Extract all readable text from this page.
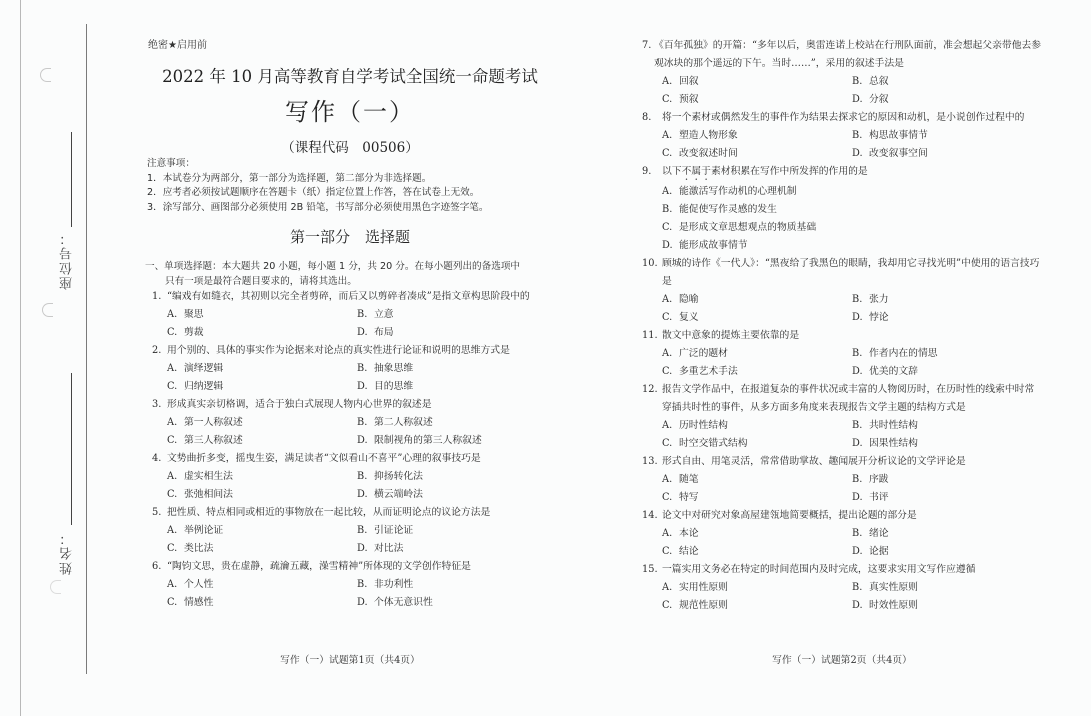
座位号：
姓名：
绝密★启用前
2022 年 10 月高等教育自学考试全国统一命题考试
写作（一）
（课程代码　00506）
注意事项：
1．本试卷分为两部分，第一部分为选择题，第二部分为非选择题。
2．应考者必须按试题顺序在答题卡（纸）指定位置上作答，答在试卷上无效。
3．涂写部分、画图部分必须使用 2B 铅笔，书写部分必须使用黑色字迹签字笔。
第一部分　选择题
一、单项选择题：本大题共 20 小题，每小题 1 分，共 20 分。在每小题列出的备选项中
只有一项是最符合题目要求的，请将其选出。
1. “编戏有如缝衣，其初则以完全者剪碎，而后又以剪碎者凑成”是指文章构思阶段中的
A. 聚思	B. 立意
C. 剪裁	D. 布局
2. 用个别的、具体的事实作为论据来对论点的真实性进行论证和说明的思维方式是
A. 演绎逻辑	B. 抽象思维
C. 归纳逻辑	D. 目的思维
3. 形成真实亲切格调，适合于独白式展现人物内心世界的叙述是
A. 第一人称叙述	B. 第二人称叙述
C. 第三人称叙述	D. 限制视角的第三人称叙述
4. 文势曲折多变，摇曳生姿，满足读者“文似看山不喜平”心理的叙事技巧是
A. 虚实相生法	B. 抑扬转化法
C. 张弛相间法	D. 横云端岭法
5. 把性质、特点相同或相近的事物放在一起比较，从而证明论点的议论方法是
A. 举例论证	B. 引证论证
C. 类比法	D. 对比法
6. “陶钧文思，贵在虚静，疏瀹五藏，澡雪精神”所体现的文学创作特征是
A. 个人性	B. 非功利性
C. 情感性	D. 个体无意识性
写作（一）试题第1页（共4页）
7. 《百年孤独》的开篇：“多年以后，奥雷连诺上校站在行刑队面前，准会想起父亲带他去参观冰块的那个遥远的下午。当时……”，采用的叙述手法是
A. 回叙	B. 总叙
C. 预叙	D. 分叙
8.	将一个素材或偶然发生的事件作为结果去探求它的原因和动机，是小说创作过程中的
A. 塑造人物形象	B. 构思故事情节
C. 改变叙述时间	D. 改变叙事空间
9.	以下不属于素材积累在写作中所发挥的作用的是
A. 能激活写作动机的心理机制
B. 能促使写作灵感的发生
C. 是形成文章思想观点的物质基础
D. 能形成故事情节
10. 顾城的诗作《一代人》：“黑夜给了我黑色的眼睛，我却用它寻找光明”中使用的语言技巧是
A. 隐喻	B. 张力
C. 复义	D. 悖论
11. 散文中意象的提炼主要依靠的是
A. 广泛的题材	B. 作者内在的情思
C. 多重艺术手法	D. 优美的文辞
12. 报告文学作品中，在报道复杂的事件状况或丰富的人物阅历时，在历时性的线索中时常穿插共时性的事件，从多方面多角度来表现报告文学主题的结构方式是
A. 历时性结构	B. 共时性结构
C. 时空交错式结构	D. 因果性结构
13. 形式自由、用笔灵活，常常借助掌故、趣闻展开分析议论的文学评论是
A. 随笔	B. 序跋
C. 特写	D. 书评
14. 论文中对研究对象高屋建瓴地简要概括，提出论题的部分是
A. 本论	B. 绪论
C. 结论	D. 论据
15. 一篇实用文务必在特定的时间范围内及时完成，这要求实用文写作应遵循
A. 实用性原则	B. 真实性原则
C. 规范性原则	D. 时效性原则
写作（一）试题第2页（共4页）
